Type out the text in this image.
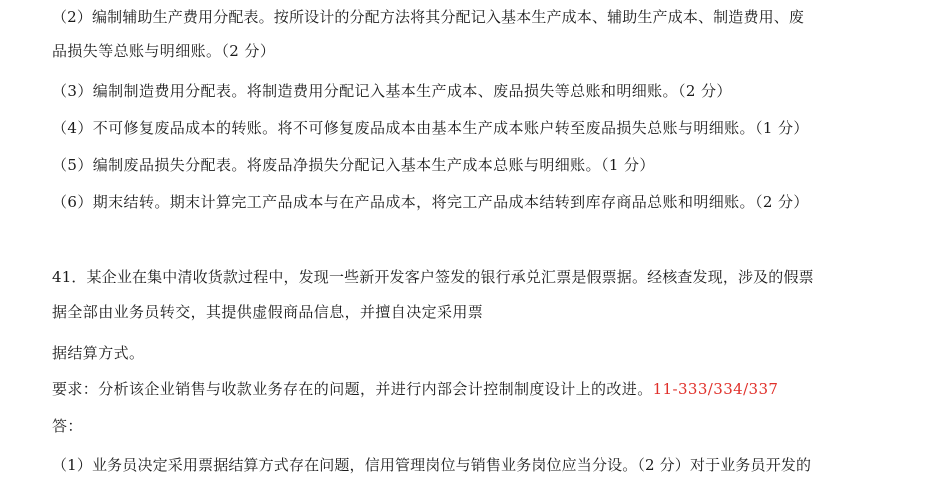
（2）编制辅助生产费用分配表。按所设计的分配方法将其分配记入基本生产成本、辅助生产成本、制造费用、废
品损失等总账与明细账。（2 分）
（3）编制制造费用分配表。将制造费用分配记入基本生产成本、废品损失等总账和明细账。（2 分）
（4）不可修复废品成本的转账。将不可修复废品成本由基本生产成本账户转至废品损失总账与明细账。（1 分）
（5）编制废品损失分配表。将废品净损失分配记入基本生产成本总账与明细账。（1 分）
（6）期末结转。期末计算完工产品成本与在产品成本，将完工产品成本结转到库存商品总账和明细账。（2 分）
41．某企业在集中清收货款过程中，发现一些新开发客户签发的银行承兑汇票是假票据。经核查发现，涉及的假票
据全部由业务员转交，其提供虚假商品信息，并擅自决定采用票
据结算方式。
要求：分析该企业销售与收款业务存在的问题，并进行内部会计控制制度设计上的改进。11-333/334/337
答：
（1）业务员决定采用票据结算方式存在问题，信用管理岗位与销售业务岗位应当分设。（2 分）对于业务员开发的
